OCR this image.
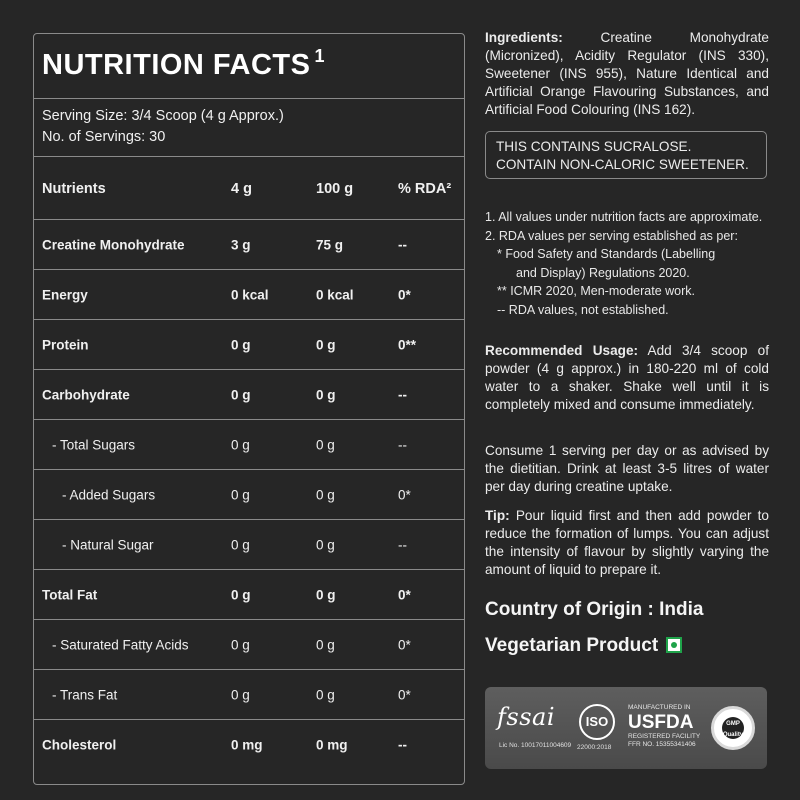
NUTRITION FACTS $^1$
Serving Size: 3/4 Scoop (4 g Approx.)
No. of Servings: 30
Nutrients	4 g	100 g	% RDA²
Creatine Monohydrate	3 g	75 g	--
Energy	0 kcal	0 kcal	0*
Protein	0 g	0 g	0**
Carbohydrate	0 g	0 g	--
- Total Sugars	0 g	0 g	--
- Added Sugars	0 g	0 g	0*
- Natural Sugar	0 g	0 g	--
Total Fat	0 g	0 g	0*
- Saturated Fatty Acids	0 g	0 g	0*
- Trans Fat	0 g	0 g	0*
Cholesterol	0 mg	0 mg	--
Ingredients:	Creatine Monohydrate (Micronized), Acidity Regulator (INS 330), Sweetener (INS 955), Nature Identical and Artificial Orange Flavouring Substances, and Artificial Food Colouring (INS 162).
THIS CONTAINS SUCRALOSE.
CONTAIN NON-CALORIC SWEETENER.
1. All values under nutrition facts are approximate.
2. RDA values per serving established as per:
* Food Safety and Standards (Labelling
and Display) Regulations 2020.
** ICMR 2020, Men-moderate work.
-- RDA values, not established.
Recommended Usage: Add 3/4 scoop of powder (4 g approx.) in 180-220 ml of cold water to a shaker. Shake well until it is completely mixed and consume immediately.
Consume 1 serving per day or as advised by the dietitian. Drink at least 3-5 litres of water per day during creatine uptake.
Tip: Pour liquid first and then add powder to reduce the formation of lumps. You can adjust the intensity of flavour by slightly varying the amount of liquid to prepare it.
Country of Origin : India
Vegetarian Product
fssai
Lic No. 10017011004609
ISO
22000:2018
MANUFACTURED IN
USFDA
REGISTERED FACILITY
FFR NO. 15355341406
GMP
Quality
